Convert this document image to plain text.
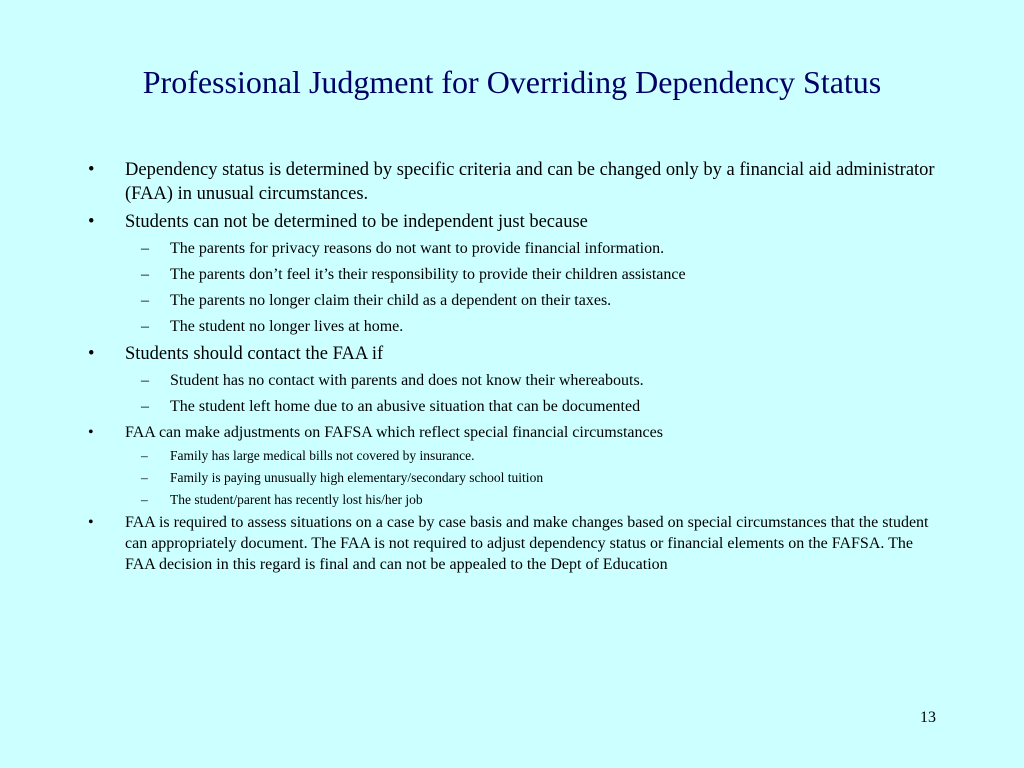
Professional Judgment for Overriding Dependency Status
• Dependency status is determined by specific criteria and can be changed only by a financial aid administrator (FAA) in unusual circumstances.
• Students can not be determined to be independent just because
– The parents for privacy reasons do not want to provide financial information.
– The parents don’t feel it’s their responsibility to provide their children assistance
– The parents no longer claim their child as a dependent on their taxes.
– The student no longer lives at home.
• Students should contact the FAA if
– Student has no contact with parents and does not know their whereabouts.
– The student left home due to an abusive situation that can be documented
• FAA can make adjustments on FAFSA which reflect special financial circumstances
– Family has large medical bills not covered by insurance.
– Family is paying unusually high elementary/secondary school tuition
– The student/parent has recently lost his/her job
• FAA is required to assess situations on a case by case basis and make changes based on special circumstances that the student can appropriately document. The FAA is not required to adjust dependency status or financial elements on the FAFSA. The FAA decision in this regard is final and can not be appealed to the Dept of Education
13
